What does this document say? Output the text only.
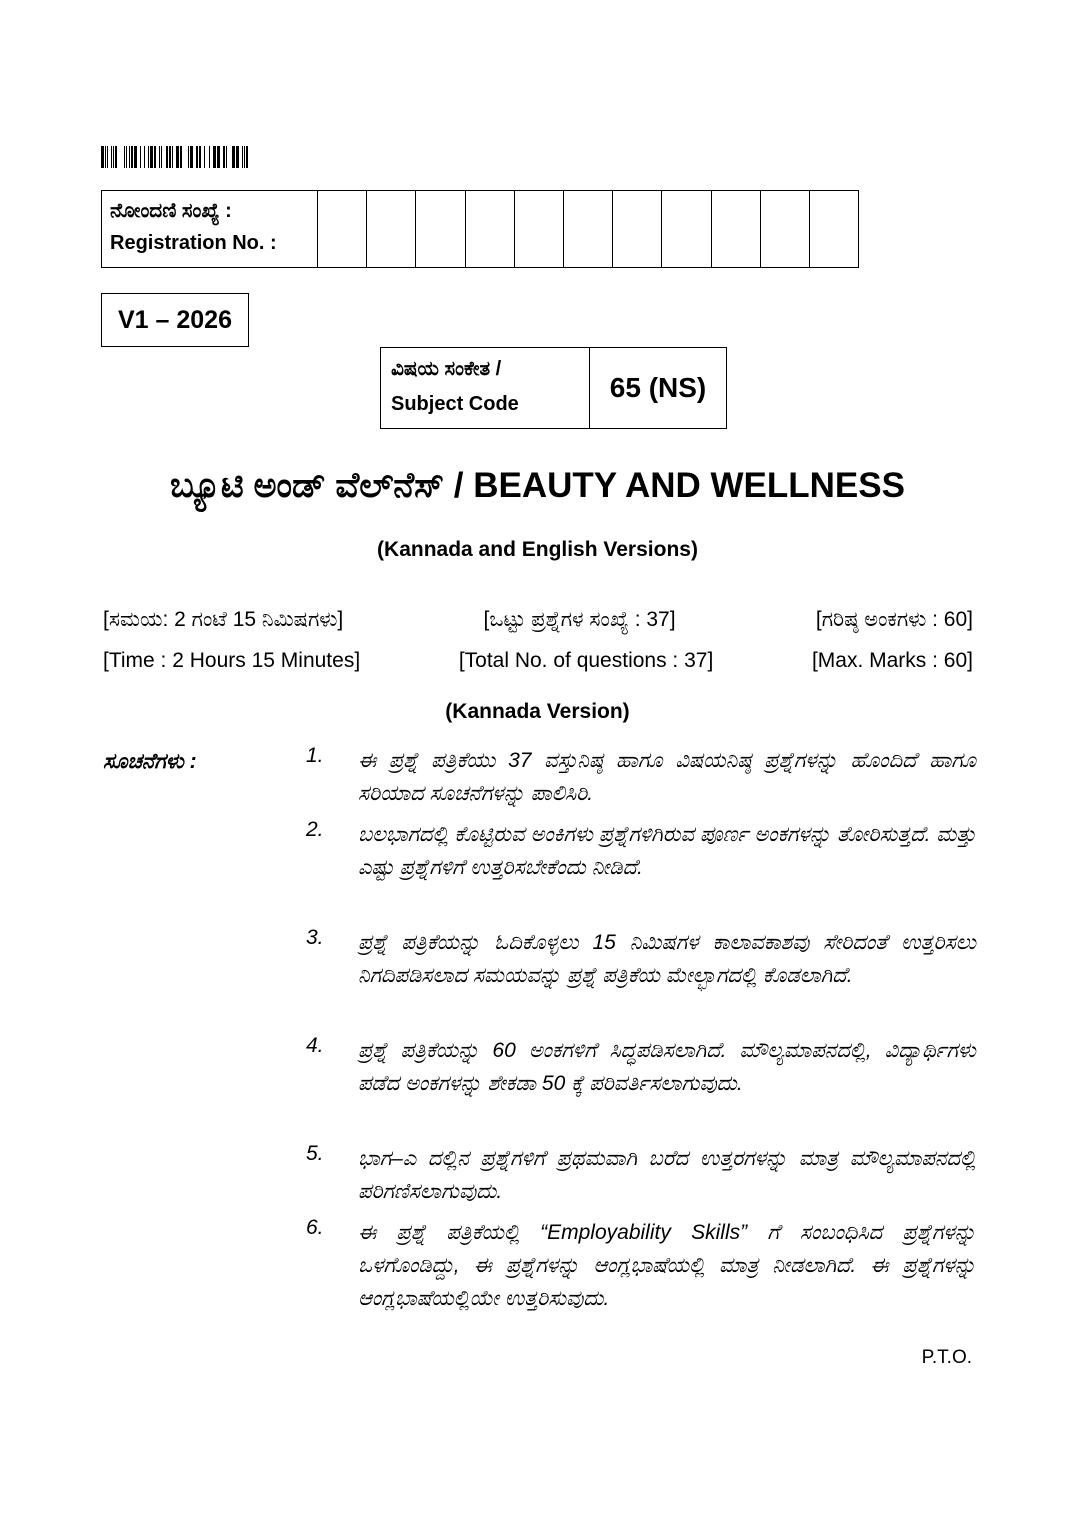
ನೋಂದಣಿ ಸಂಖ್ಯೆ :
Registration No. :
V1 – 2026
ವಿಷಯ ಸಂಕೇತ /
Subject Code
65 (NS)
ಬ್ಯೂಟಿ ಅಂಡ್ ವೆಲ್‌ನೆಸ್ / BEAUTY AND WELLNESS
(Kannada and English Versions)
[ಸಮಯ: 2 ಗಂಟೆ 15 ನಿಮಿಷಗಳು]	[ಒಟ್ಟು ಪ್ರಶ್ನೆಗಳ ಸಂಖ್ಯೆ : 37]	[ಗರಿಷ್ಠ ಅಂಕಗಳು : 60]
[Time : 2 Hours 15 Minutes]	[Total No. of questions : 37]	[Max. Marks : 60]
(Kannada Version)
ಸೂಚನೆಗಳು :	1.	ಈ ಪ್ರಶ್ನೆ ಪತ್ರಿಕೆಯು 37 ವಸ್ತುನಿಷ್ಠ ಹಾಗೂ ವಿಷಯನಿಷ್ಠ ಪ್ರಶ್ನೆಗಳನ್ನು ಹೊಂದಿದೆ ಹಾಗೂ ಸರಿಯಾದ ಸೂಚನೆಗಳನ್ನು ಪಾಲಿಸಿರಿ.
2.	ಬಲಭಾಗದಲ್ಲಿ ಕೊಟ್ಟಿರುವ ಅಂಕಿಗಳು ಪ್ರಶ್ನೆಗಳಿಗಿರುವ ಪೂರ್ಣ ಅಂಕಗಳನ್ನು ತೋರಿಸುತ್ತದೆ. ಮತ್ತು ಎಷ್ಟು ಪ್ರಶ್ನೆಗಳಿಗೆ ಉತ್ತರಿಸಬೇಕೆಂದು ನೀಡಿದೆ.
3.	ಪ್ರಶ್ನೆ ಪತ್ರಿಕೆಯನ್ನು ಓದಿಕೊಳ್ಳಲು 15 ನಿಮಿಷಗಳ ಕಾಲಾವಕಾಶವು ಸೇರಿದಂತೆ ಉತ್ತರಿಸಲು ನಿಗದಿಪಡಿಸಲಾದ ಸಮಯವನ್ನು ಪ್ರಶ್ನೆ ಪತ್ರಿಕೆಯ ಮೇಲ್ಭಾಗದಲ್ಲಿ ಕೊಡಲಾಗಿದೆ.
4.	ಪ್ರಶ್ನೆ ಪತ್ರಿಕೆಯನ್ನು 60 ಅಂಕಗಳಿಗೆ ಸಿದ್ಧಪಡಿಸಲಾಗಿದೆ. ಮೌಲ್ಯಮಾಪನದಲ್ಲಿ, ವಿದ್ಯಾರ್ಥಿಗಳು ಪಡೆದ ಅಂಕಗಳನ್ನು ಶೇಕಡಾ 50 ಕ್ಕೆ ಪರಿವರ್ತಿಸಲಾಗುವುದು.
5.	ಭಾಗ–ಎ ದಲ್ಲಿನ ಪ್ರಶ್ನೆಗಳಿಗೆ ಪ್ರಥಮವಾಗಿ ಬರೆದ ಉತ್ತರಗಳನ್ನು ಮಾತ್ರ ಮೌಲ್ಯಮಾಪನದಲ್ಲಿ ಪರಿಗಣಿಸಲಾಗುವುದು.
6.	ಈ ಪ್ರಶ್ನೆ ಪತ್ರಿಕೆಯಲ್ಲಿ “Employability Skills” ಗೆ ಸಂಬಂಧಿಸಿದ ಪ್ರಶ್ನೆಗಳನ್ನು ಒಳಗೊಂಡಿದ್ದು, ಈ ಪ್ರಶ್ನೆಗಳನ್ನು ಆಂಗ್ಲಭಾಷೆಯಲ್ಲಿ ಮಾತ್ರ ನೀಡಲಾಗಿದೆ. ಈ ಪ್ರಶ್ನೆಗಳನ್ನು ಆಂಗ್ಲಭಾಷೆಯಲ್ಲಿಯೇ ಉತ್ತರಿಸುವುದು.
P.T.O.
